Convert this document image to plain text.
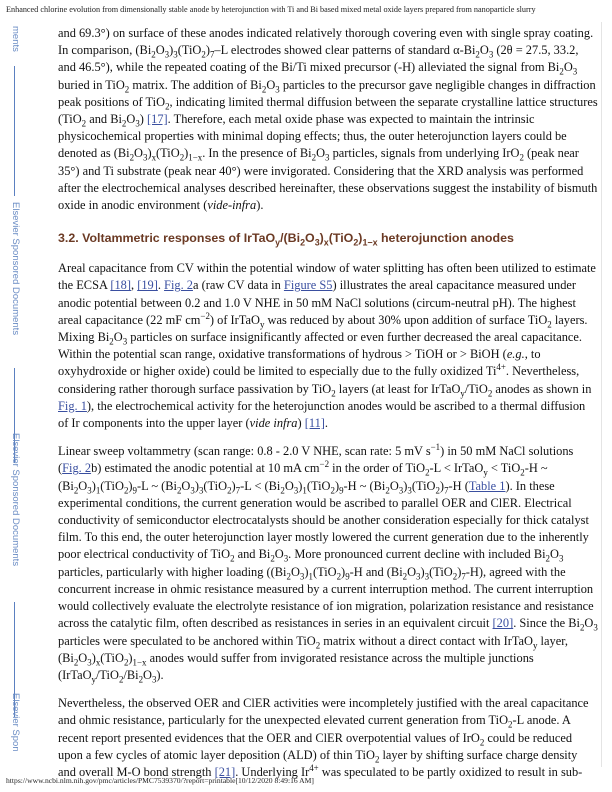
Enhanced chlorine evolution from dimensionally stable anode by heterojunction with Ti and Bi based mixed metal oxide layers prepared from nanoparticle slurry
ments
Elsevier Sponsored Documents
Elsevier Sponsored Documents
Elsevier Spon

and 69.3°) on surface of these anodes indicated relatively thorough covering even with single spray coating. In comparison, $(Bi_2O_3)_3(TiO_2)_7-L$ electrodes showed clear patterns of standard $\alpha-Bi_2O_3$ (2θ = 27.5, 33.2, and 46.5°), while the repeated coating of the Bi/Ti mixed precursor (-H) alleviated the signal from $Bi_2O_3$ buried in TiO$_2$ matrix. The addition of $Bi_2O_3$ particles to the precursor gave negligible changes in diffraction peak positions of TiO$_2$, indicating limited thermal diffusion between the separate crystalline lattice structures (TiO$_2$ and $Bi_2O_3$) [17]. Therefore, each metal oxide phase was expected to maintain the intrinsic physicochemical properties with minimal doping effects; thus, the outer heterojunction layers could be denoted as $(Bi_2O_3)_x(TiO_2)_{1-x}$. In the presence of $Bi_2O_3$ particles, signals from underlying IrO$_2$ (peak near 35°) and Ti substrate (peak near 40°) were invigorated. Considering that the XRD analysis was performed after the electrochemical analyses described hereinafter, these observations suggest the instability of bismuth oxide in anodic environment (vide-infra).

3.2. Voltammetric responses of $IrTaO_y/(Bi_2O_3)_x(TiO_2)_{1-x}$ heterojunction anodes

Areal capacitance from CV within the potential window of water splitting has often been utilized to estimate the ECSA [18], [19]. Fig. 2a (raw CV data in Figure S5) illustrates the areal capacitance measured under anodic potential between 0.2 and 1.0 V NHE in 50 mM NaCl solutions (circum-neutral pH). The highest areal capacitance (22 mF $cm^{-2}$) of IrTaO$_y$ was reduced by about 30% upon addition of surface TiO$_2$ layers. Mixing $Bi_2O_3$ particles on surface insignificantly affected or even further decreased the areal capacitance. Within the potential scan range, oxidative transformations of hydrous > TiOH or > BiOH (e.g., to oxyhydroxide or higher oxide) could be limited to especially due to the fully oxidized $Ti^{4+}$. Nevertheless, considering rather thorough surface passivation by TiO$_2$ layers (at least for IrTaO$_y$/TiO$_2$ anodes as shown in Fig. 1), the electrochemical activity for the heterojunction anodes would be ascribed to a thermal diffusion of Ir components into the upper layer (vide infra) [11].

Linear sweep voltammetry (scan range: 0.8 - 2.0 V NHE, scan rate: 5 mV $s^{-1}$) in 50 mM NaCl solutions (Fig. 2b) estimated the anodic potential at 10 mA $cm^{-2}$ in the order of TiO$_2$-L < IrTaO$_y$ < TiO$_2$-H ~ $(Bi_2O_3)_1(TiO_2)_9-L$ ~ $(Bi_2O_3)_3(TiO_2)_7-L < (Bi_2O_3)_1(TiO_2)_9-H$ ~ $(Bi_2O_3)_3(TiO_2)_7-H$ (Table 1). In these experimental conditions, the current generation would be ascribed to parallel OER and ClER. Electrical conductivity of semiconductor electrocatalysts should be another consideration especially for thick catalyst film. To this end, the outer heterojunction layer mostly lowered the current generation due to the inherently poor electrical conductivity of TiO$_2$ and $Bi_2O_3$. More pronounced current decline with included $Bi_2O_3$ particles, particularly with higher loading ($(Bi_2O_3)_1(TiO_2)_9-H$ and $(Bi_2O_3)_3(TiO_2)_7-H$), agreed with the concurrent increase in ohmic resistance measured by a current interruption method. The current interruption would collectively evaluate the electrolyte resistance of ion migration, polarization resistance and resistance across the catalytic film, often described as resistances in series in an equivalent circuit [20]. Since the $Bi_2O_3$ particles were speculated to be anchored within TiO$_2$ matrix without a direct contact with IrTaO$_y$ layer, $(Bi_2O_3)_x(TiO_2)_{1-x}$ anodes would suffer from invigorated resistance across the multiple junctions $(IrTaO_y/TiO_2/Bi_2O_3)$.

Nevertheless, the observed OER and ClER activities were incompletely justified with the areal capacitance and ohmic resistance, particularly for the unexpected elevated current generation from TiO$_2$-L anode. A recent report presented evidences that the OER and ClER overpotential values of IrO$_2$ could be reduced upon a few cycles of atomic layer deposition (ALD) of thin TiO$_2$ layer by shifting surface charge density and overall M-O bond strength [21]. Underlying $Ir^{4+}$ was speculated to be partly oxidized to result in sub-

https://www.ncbi.nlm.nih.gov/pmc/articles/PMC7539370/?report=printable[10/12/2020 8:49:16 AM]
